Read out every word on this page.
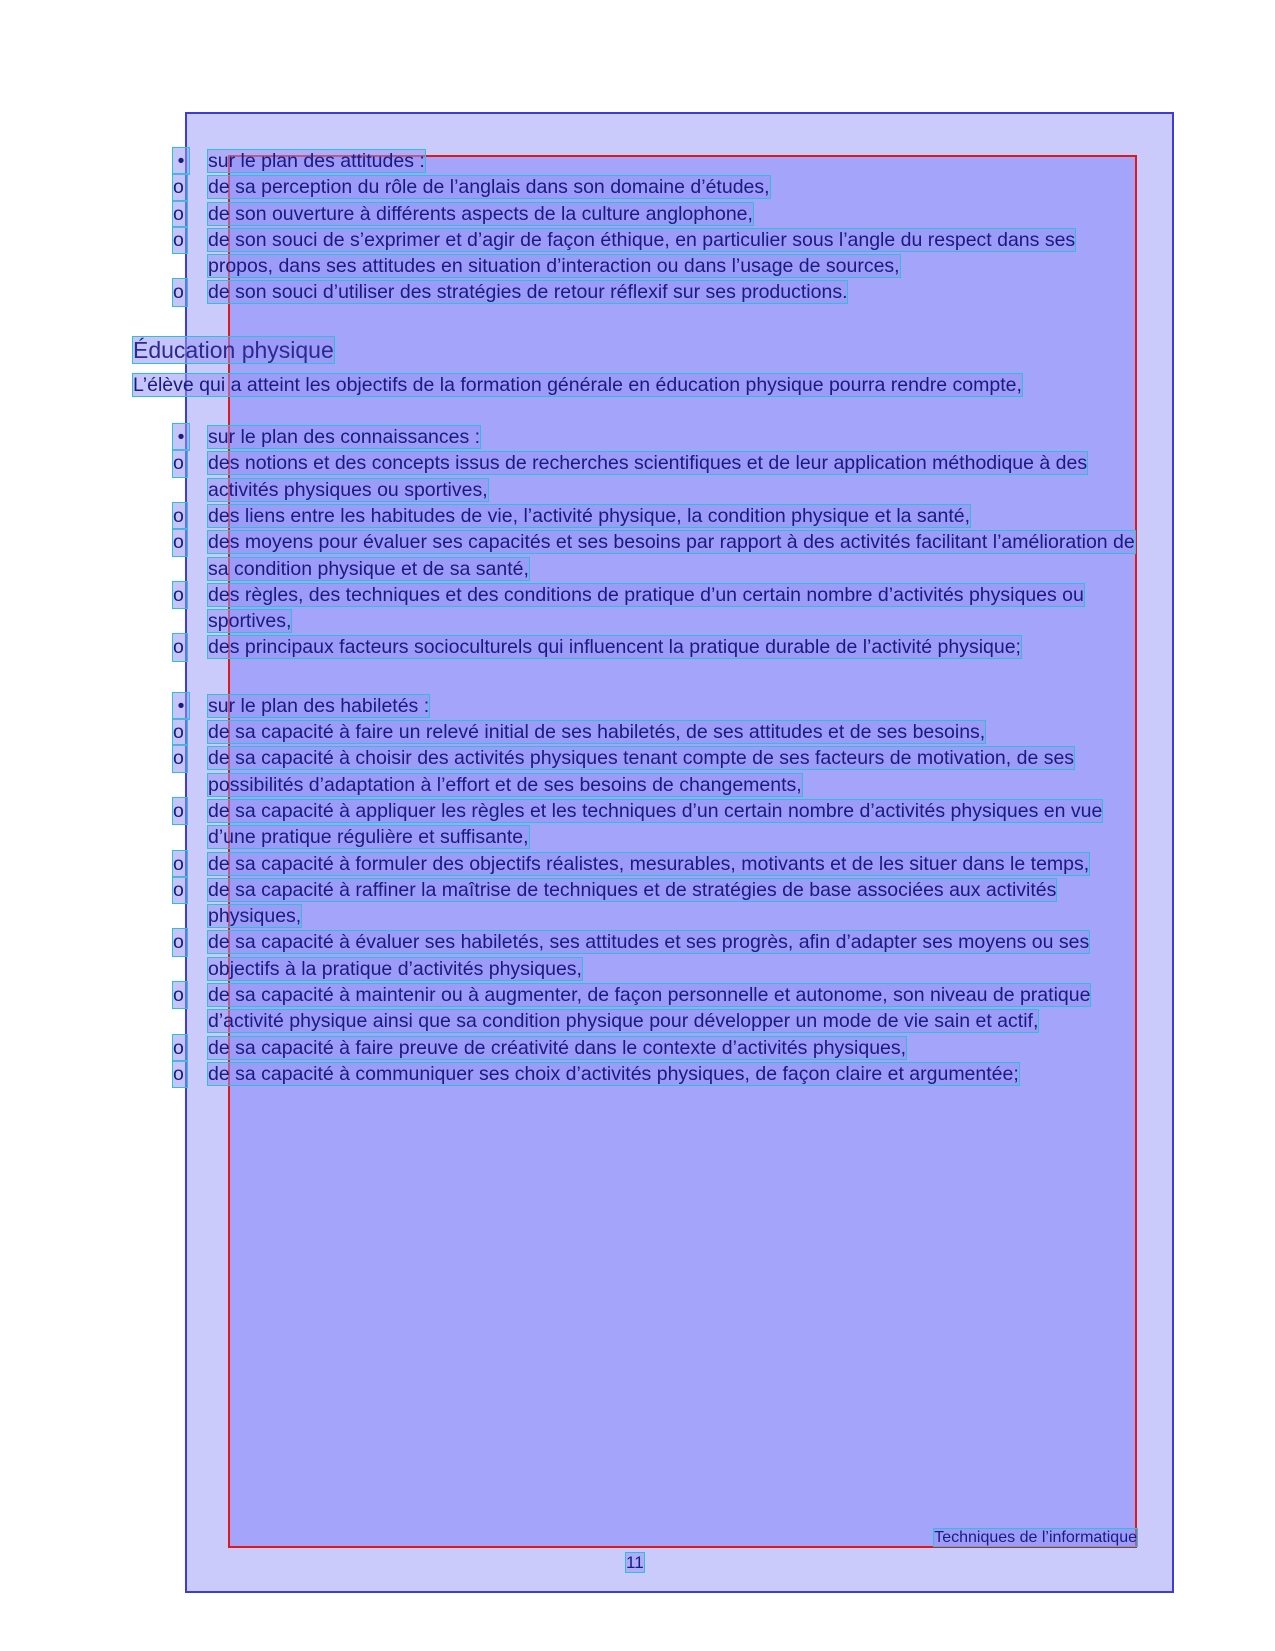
• sur le plan des attitudes :
o de sa perception du rôle de l’anglais dans son domaine d’études,
o de son ouverture à différents aspects de la culture anglophone,
o de son souci de s’exprimer et d’agir de façon éthique, en particulier sous l’angle du respect dans ses propos, dans ses attitudes en situation d’interaction ou dans l’usage de sources,
o de son souci d’utiliser des stratégies de retour réflexif sur ses productions.
Éducation physique
L’élève qui a atteint les objectifs de la formation générale en éducation physique pourra rendre compte,
• sur le plan des connaissances :
o des notions et des concepts issus de recherches scientifiques et de leur application méthodique à des activités physiques ou sportives,
o des liens entre les habitudes de vie, l’activité physique, la condition physique et la santé,
o des moyens pour évaluer ses capacités et ses besoins par rapport à des activités facilitant l’amélioration de sa condition physique et de sa santé,
o des règles, des techniques et des conditions de pratique d’un certain nombre d’activités physiques ou sportives,
o des principaux facteurs socioculturels qui influencent la pratique durable de l’activité physique;
• sur le plan des habiletés :
o de sa capacité à faire un relevé initial de ses habiletés, de ses attitudes et de ses besoins,
o de sa capacité à choisir des activités physiques tenant compte de ses facteurs de motivation, de ses possibilités d’adaptation à l’effort et de ses besoins de changements,
o de sa capacité à appliquer les règles et les techniques d’un certain nombre d’activités physiques en vue d’une pratique régulière et suffisante,
o de sa capacité à formuler des objectifs réalistes, mesurables, motivants et de les situer dans le temps,
o de sa capacité à raffiner la maîtrise de techniques et de stratégies de base associées aux activités physiques,
o de sa capacité à évaluer ses habiletés, ses attitudes et ses progrès, afin d’adapter ses moyens ou ses objectifs à la pratique d’activités physiques,
o de sa capacité à maintenir ou à augmenter, de façon personnelle et autonome, son niveau de pratique d’activité physique ainsi que sa condition physique pour développer un mode de vie sain et actif,
o de sa capacité à faire preuve de créativité dans le contexte d’activités physiques,
o de sa capacité à communiquer ses choix d’activités physiques, de façon claire et argumentée;
Techniques de l’informatique
11
